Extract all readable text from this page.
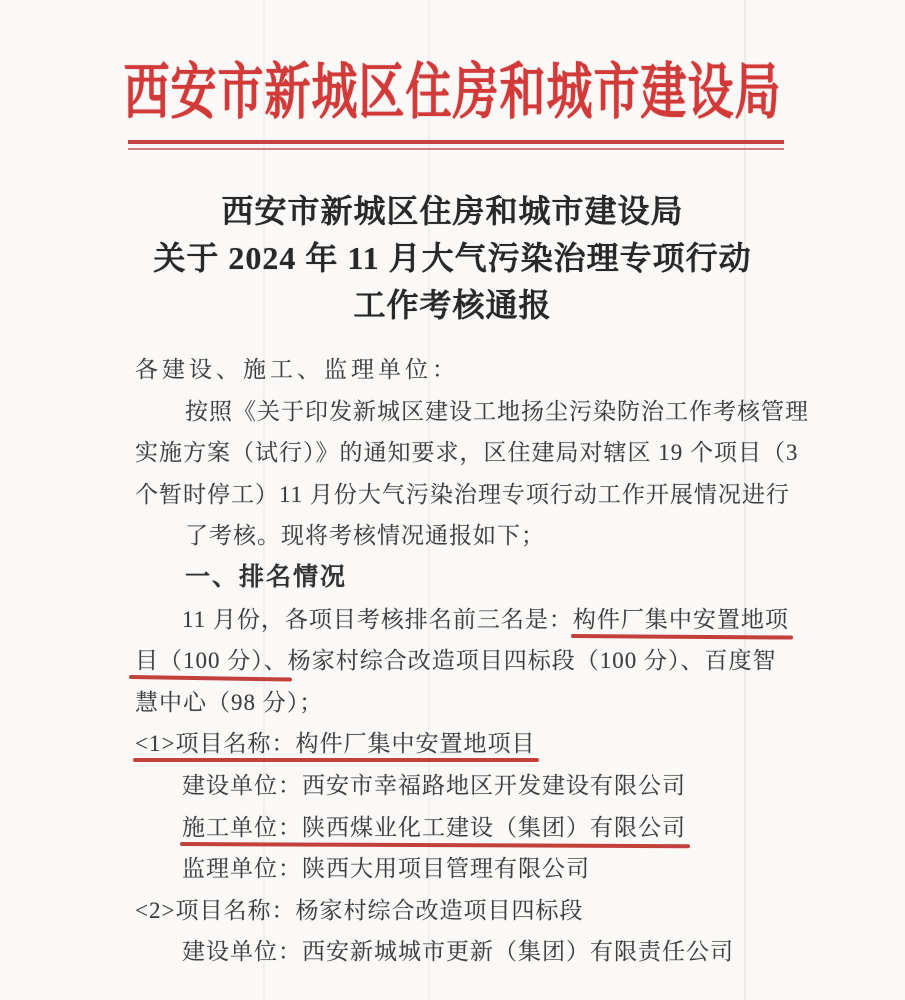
西安市新城区住房和城市建设局
西安市新城区住房和城市建设局
关于 2024 年 11 月大气污染治理专项行动
工作考核通报
各建设、施工、监理单位：
按照《关于印发新城区建设工地扬尘污染防治工作考核管理
实施方案（试行）》的通知要求，区住建局对辖区 19 个项目（3
个暂时停工）11 月份大气污染治理专项行动工作开展情况进行
了考核。现将考核情况通报如下；
一、排名情况
11 月份，各项目考核排名前三名是：构件厂集中安置地项
目（100 分）、杨家村综合改造项目四标段（100 分）、百度智
慧中心（98 分）；
<1>项目名称：构件厂集中安置地项目
建设单位：西安市幸福路地区开发建设有限公司
施工单位：陕西煤业化工建设（集团）有限公司
监理单位：陕西大用项目管理有限公司
<2>项目名称：杨家村综合改造项目四标段
建设单位：西安新城城市更新（集团）有限责任公司
